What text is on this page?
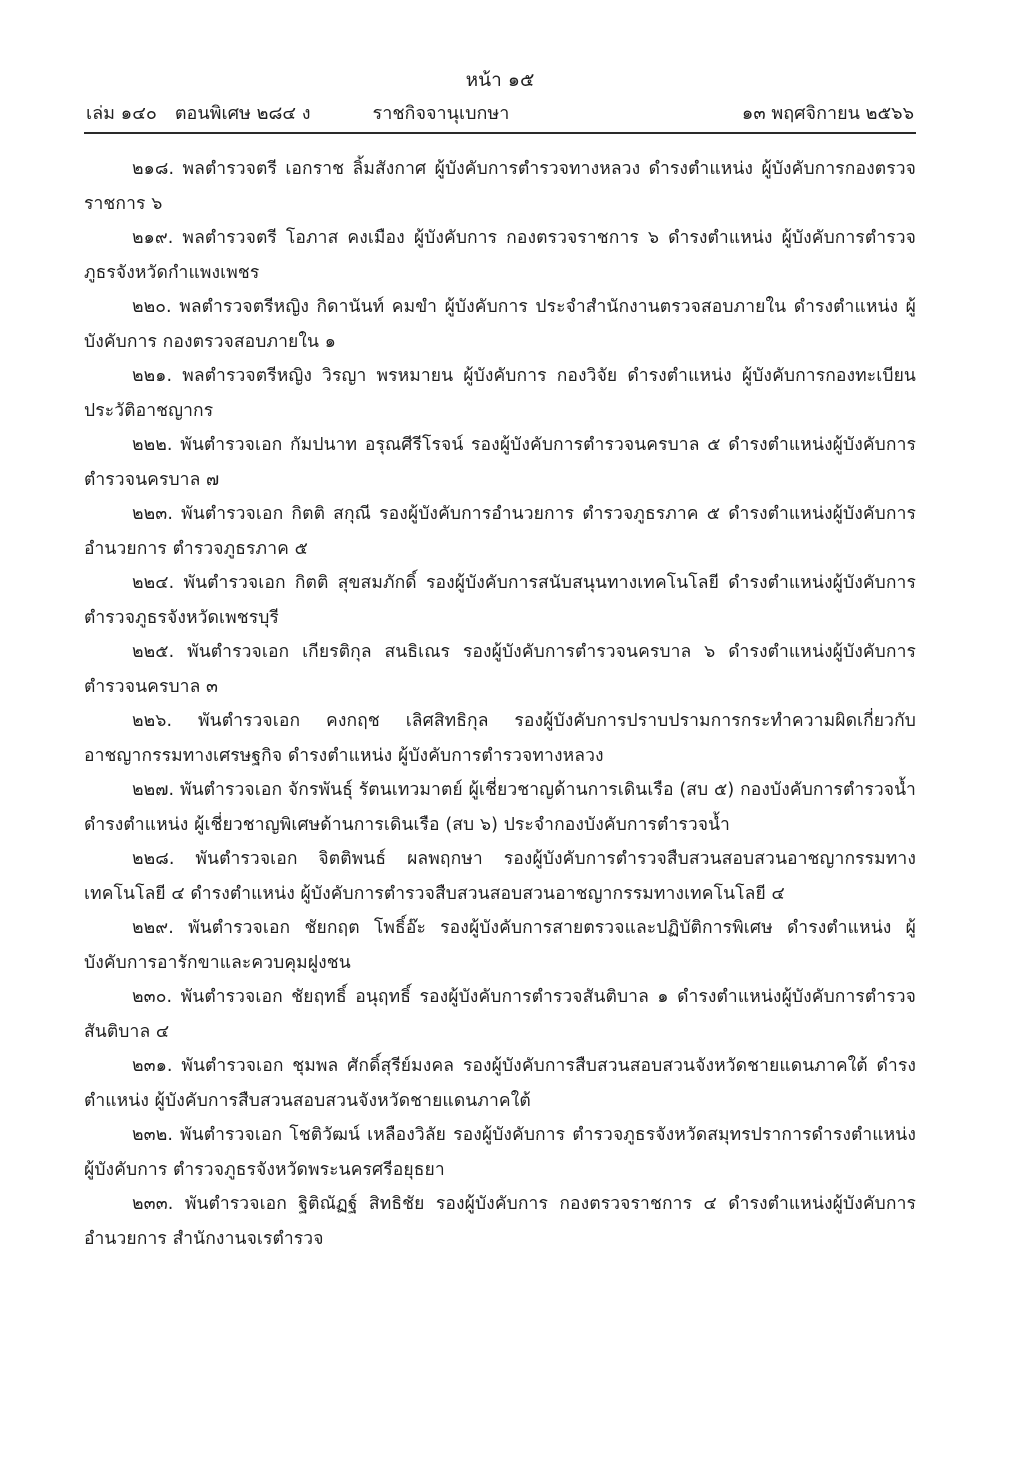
หน้า ๑๕
เล่ม ๑๔๐ ตอนพิเศษ ๒๘๔ ง	ราชกิจจานุเบกษา	๑๓ พฤศจิกายน ๒๕๖๖

๒๑๘. พลตำรวจตรี เอกราช ลิ้มสังกาศ ผู้บังคับการตำรวจทางหลวง ดำรงตำแหน่ง ผู้บังคับการกองตรวจราชการ ๖

๒๑๙. พลตำรวจตรี โอภาส คงเมือง ผู้บังคับการ กองตรวจราชการ ๖ ดำรงตำแหน่ง ผู้บังคับการตำรวจภูธรจังหวัดกำแพงเพชร

๒๒๐. พลตำรวจตรีหญิง กิดานันท์ คมขำ ผู้บังคับการ ประจำสำนักงานตรวจสอบภายใน ดำรงตำแหน่ง ผู้บังคับการ กองตรวจสอบภายใน ๑

๒๒๑. พลตำรวจตรีหญิง วิรญา พรหมายน ผู้บังคับการ กองวิจัย ดำรงตำแหน่ง ผู้บังคับการกองทะเบียนประวัติอาชญากร

๒๒๒. พันตำรวจเอก กัมปนาท อรุณศีรีโรจน์ รองผู้บังคับการตำรวจนครบาล ๕ ดำรงตำแหน่งผู้บังคับการตำรวจนครบาล ๗

๒๒๓. พันตำรวจเอก กิตติ สกุณี รองผู้บังคับการอำนวยการ ตำรวจภูธรภาค ๕ ดำรงตำแหน่งผู้บังคับการอำนวยการ ตำรวจภูธรภาค ๕

๒๒๔. พันตำรวจเอก กิตติ สุขสมภักดิ์ รองผู้บังคับการสนับสนุนทางเทคโนโลยี ดำรงตำแหน่งผู้บังคับการ ตำรวจภูธรจังหวัดเพชรบุรี

๒๒๕. พันตำรวจเอก เกียรติกุล สนธิเณร รองผู้บังคับการตำรวจนครบาล ๖ ดำรงตำแหน่งผู้บังคับการตำรวจนครบาล ๓

๒๒๖. พันตำรวจเอก คงกฤช เลิศสิทธิกุล รองผู้บังคับการปราบปรามการกระทำความผิดเกี่ยวกับอาชญากรรมทางเศรษฐกิจ ดำรงตำแหน่ง ผู้บังคับการตำรวจทางหลวง

๒๒๗. พันตำรวจเอก จักรพันธุ์ รัตนเทวมาตย์ ผู้เชี่ยวชาญด้านการเดินเรือ (สบ ๕) กองบังคับการตำรวจน้ำ ดำรงตำแหน่ง ผู้เชี่ยวชาญพิเศษด้านการเดินเรือ (สบ ๖) ประจำกองบังคับการตำรวจน้ำ

๒๒๘. พันตำรวจเอก จิตติพนธ์ ผลพฤกษา รองผู้บังคับการตำรวจสืบสวนสอบสวนอาชญากรรมทางเทคโนโลยี ๔ ดำรงตำแหน่ง ผู้บังคับการตำรวจสืบสวนสอบสวนอาชญากรรมทางเทคโนโลยี ๔

๒๒๙. พันตำรวจเอก ชัยกฤต โพธิ์อ๊ะ รองผู้บังคับการสายตรวจและปฏิบัติการพิเศษ ดำรงตำแหน่ง ผู้บังคับการอารักขาและควบคุมฝูงชน

๒๓๐. พันตำรวจเอก ชัยฤทธิ์ อนุฤทธิ์ รองผู้บังคับการตำรวจสันติบาล ๑ ดำรงตำแหน่งผู้บังคับการตำรวจสันติบาล ๔

๒๓๑. พันตำรวจเอก ชุมพล ศักดิ์สุรีย์มงคล รองผู้บังคับการสืบสวนสอบสวนจังหวัดชายแดนภาคใต้ ดำรงตำแหน่ง ผู้บังคับการสืบสวนสอบสวนจังหวัดชายแดนภาคใต้

๒๓๒. พันตำรวจเอก โชติวัฒน์ เหลืองวิลัย รองผู้บังคับการ ตำรวจภูธรจังหวัดสมุทรปราการดำรงตำแหน่ง ผู้บังคับการ ตำรวจภูธรจังหวัดพระนครศรีอยุธยา

๒๓๓. พันตำรวจเอก ฐิติณัฏฐ์ สิทธิชัย รองผู้บังคับการ กองตรวจราชการ ๔ ดำรงตำแหน่งผู้บังคับการอำนวยการ สำนักงานจเรตำรวจ
